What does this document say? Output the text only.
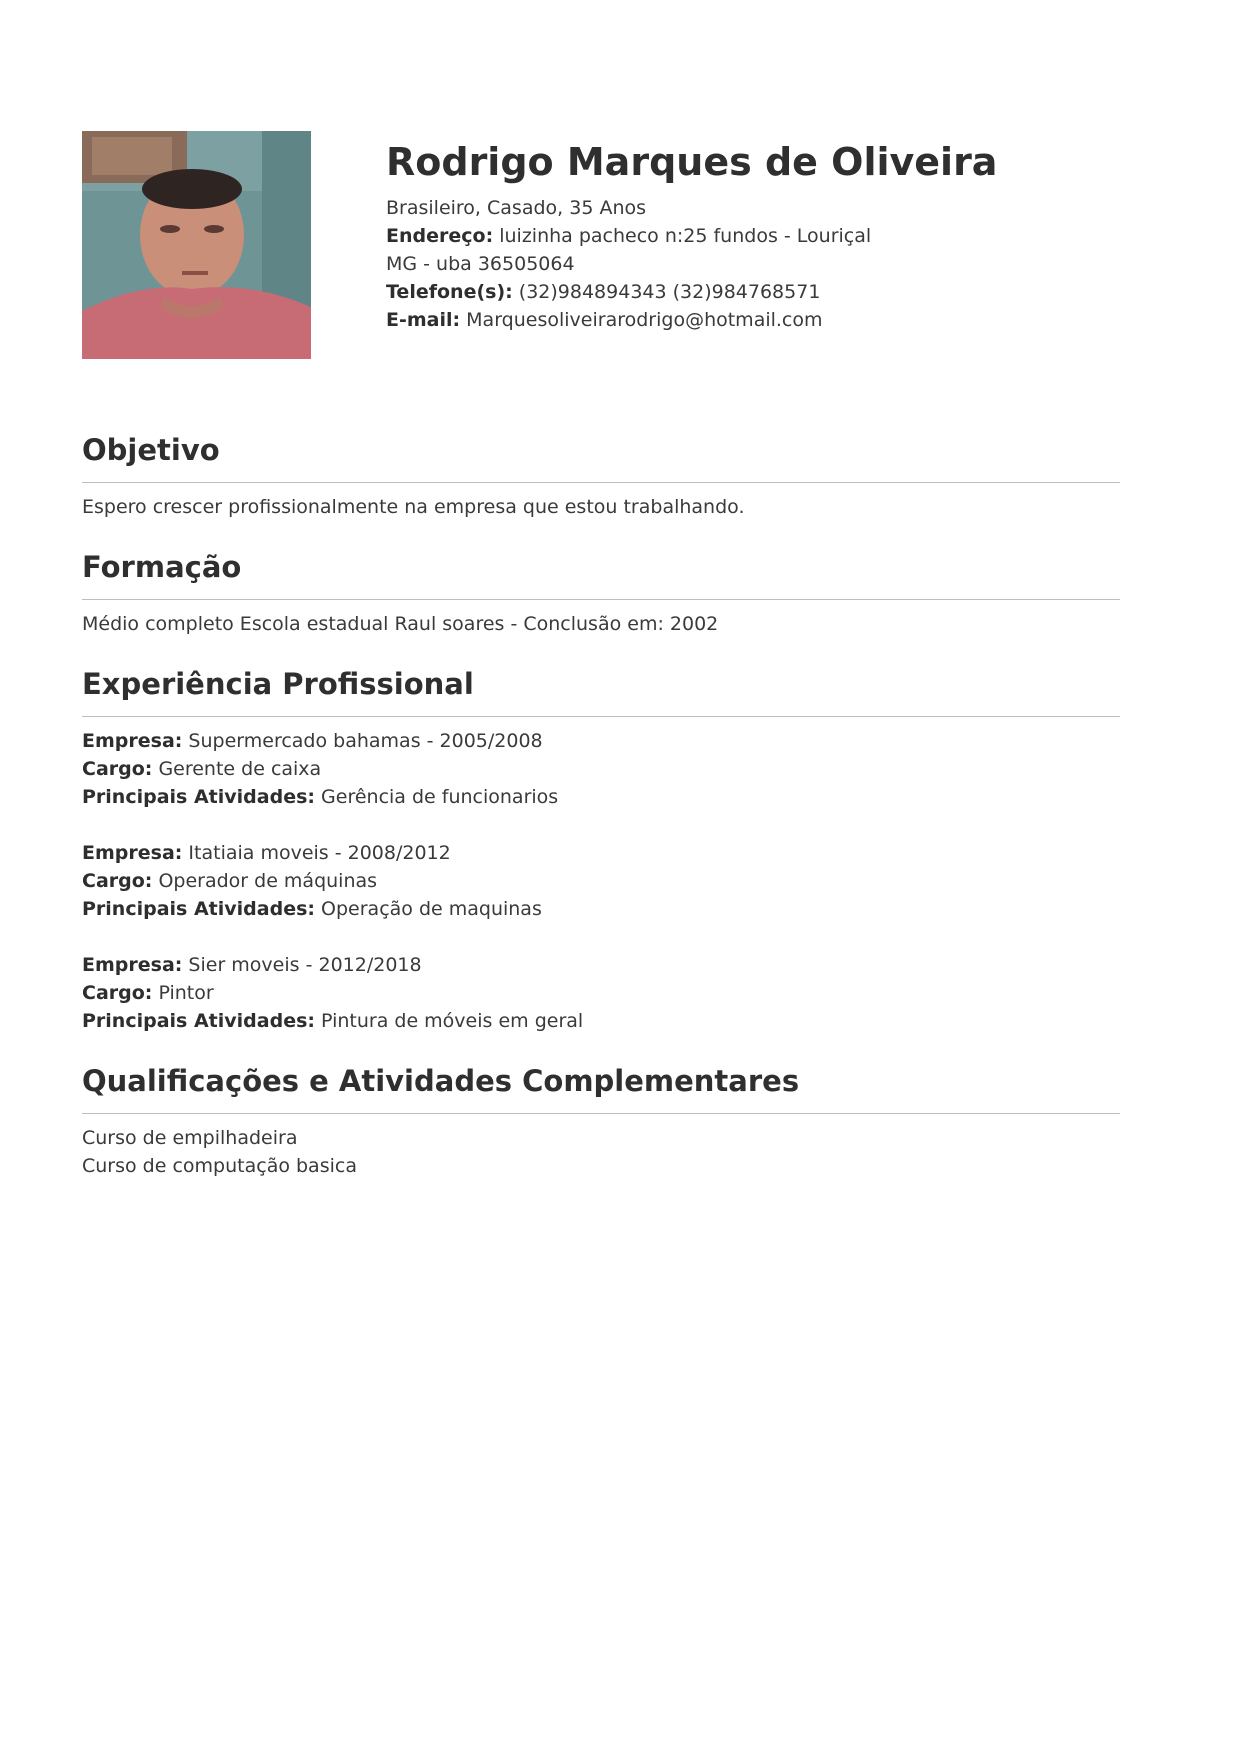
Rodrigo Marques de Oliveira
Brasileiro, Casado, 35 Anos
Endereço: luizinha pacheco n:25 fundos - Louriçal
MG - uba 36505064
Telefone(s): (32)984894343 (32)984768571
E-mail: Marquesoliveirarodrigo@hotmail.com
Objetivo
Espero crescer profissionalmente na empresa que estou trabalhando.
Formação
Médio completo Escola estadual Raul soares - Conclusão em: 2002
Experiência Profissional
Empresa: Supermercado bahamas - 2005/2008
Cargo: Gerente de caixa
Principais Atividades: Gerência de funcionarios
Empresa: Itatiaia moveis - 2008/2012
Cargo: Operador de máquinas
Principais Atividades: Operação de maquinas
Empresa: Sier moveis - 2012/2018
Cargo: Pintor
Principais Atividades: Pintura de móveis em geral
Qualificações e Atividades Complementares
Curso de empilhadeira
Curso de computação basica
